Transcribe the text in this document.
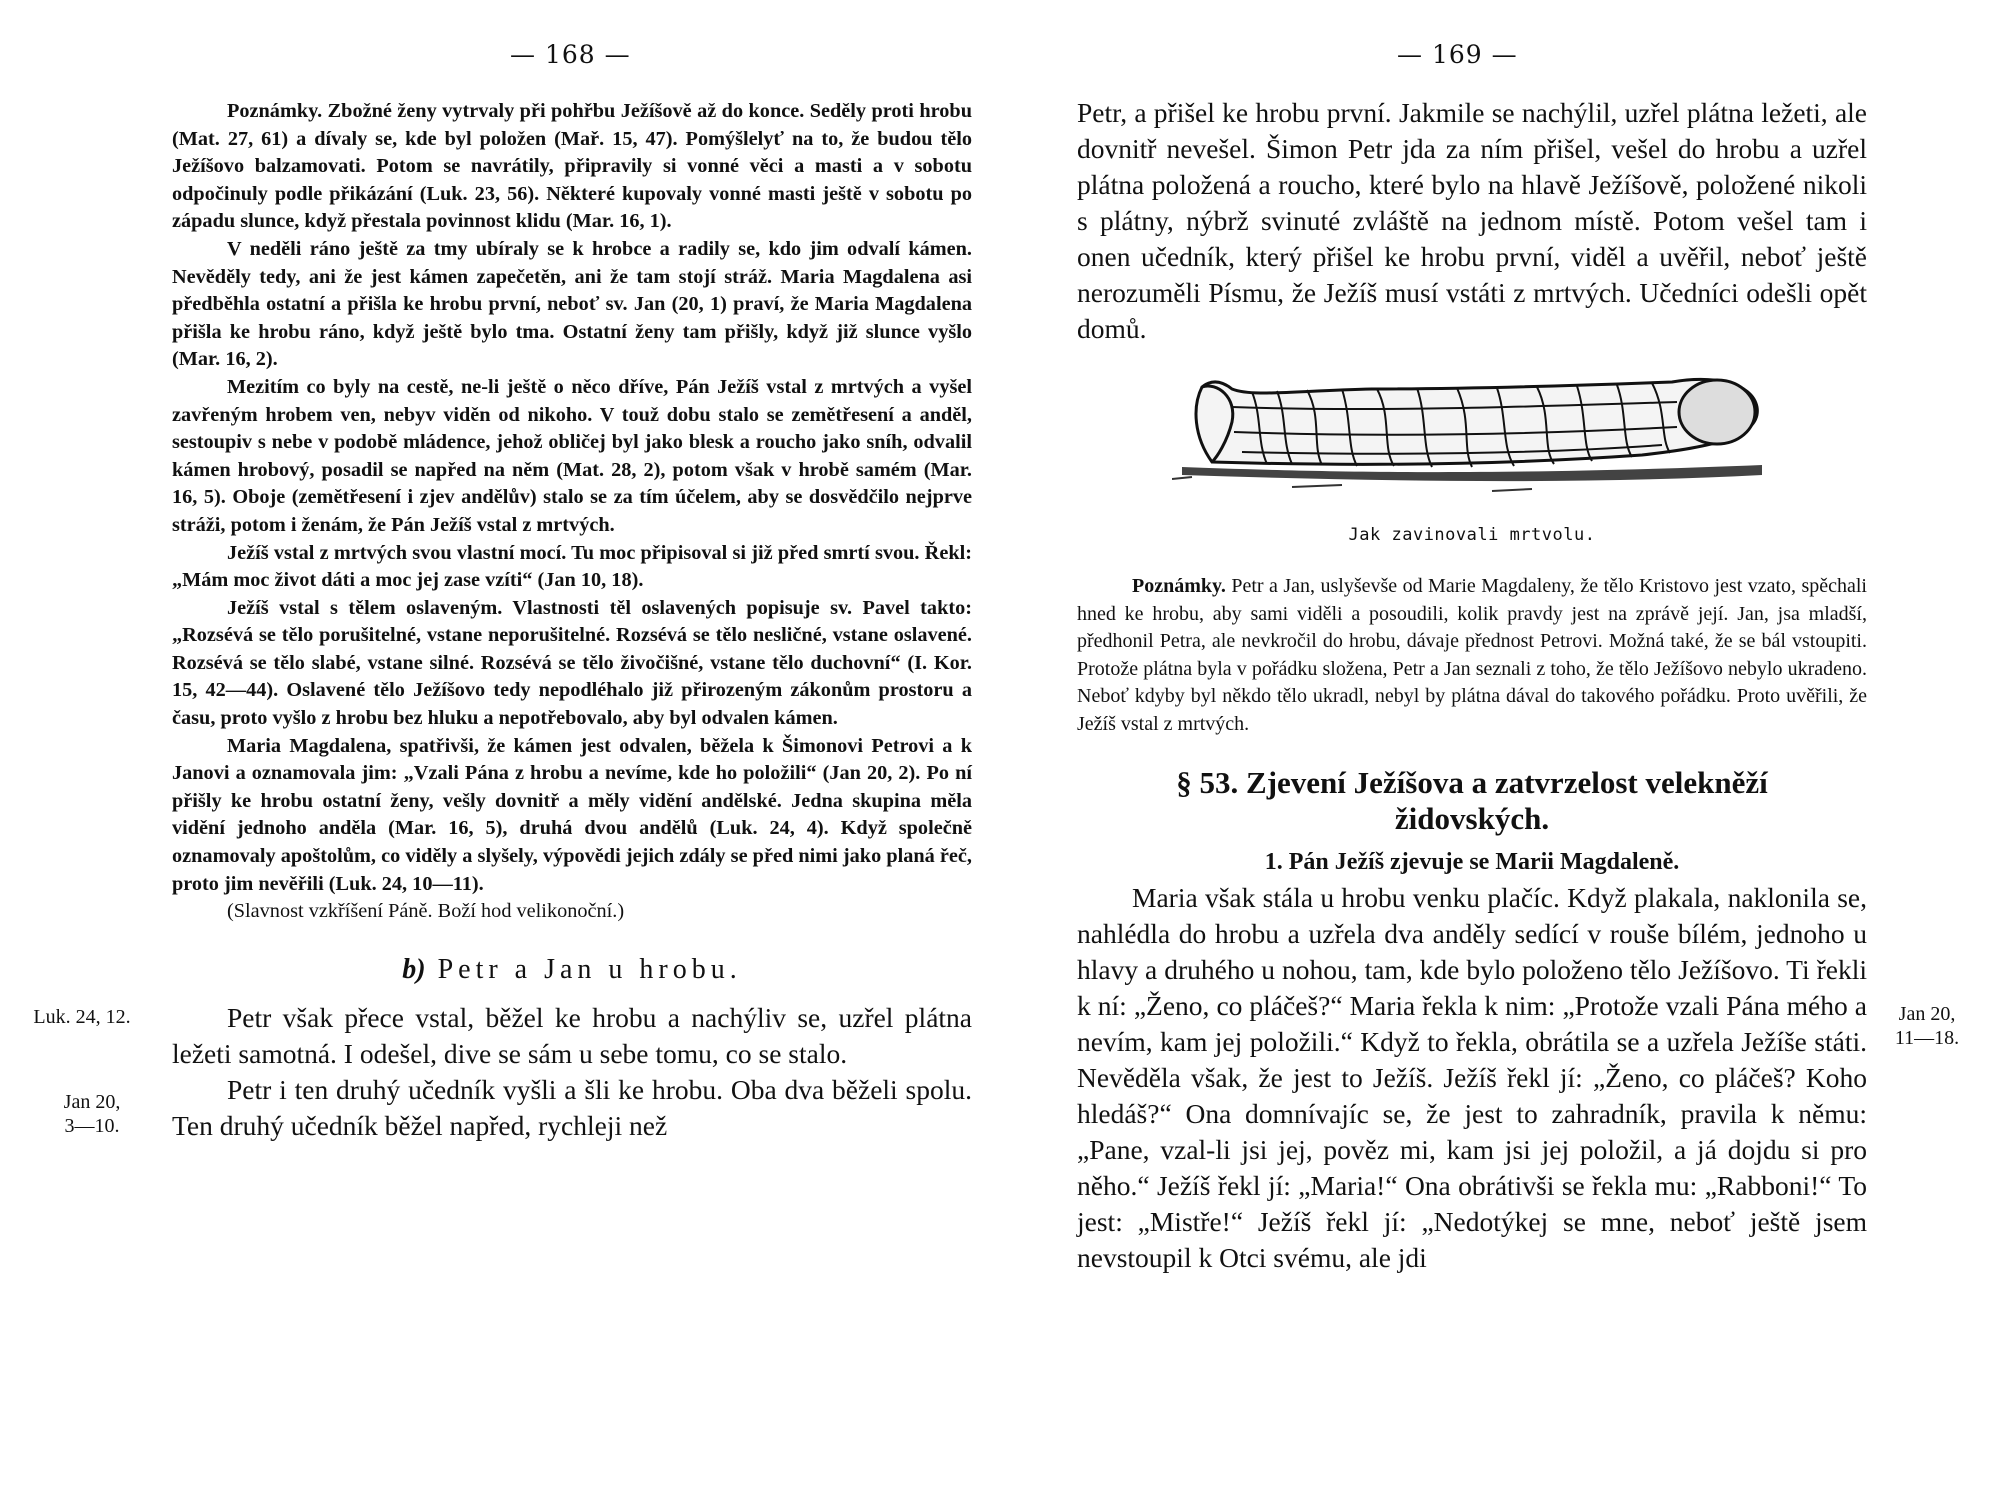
— 168 —

Poznámky. Zbožné ženy vytrvaly při pohřbu Ježíšově až do konce. Seděly proti hrobu (Mat. 27, 61) a dívaly se, kde byl položen (Mař. 15, 47). Pomýšlelyť na to, že budou tělo Ježíšovo balzamovati. Potom se navrátily, připravily si vonné věci a masti a v sobotu odpočinuly podle přikázání (Luk. 23, 56). Některé kupovaly vonné masti ještě v sobotu po západu slunce, když přestala povinnost klidu (Mar. 16, 1).

V neděli ráno ještě za tmy ubíraly se k hrobce a radily se, kdo jim odvalí kámen. Nevěděly tedy, ani že jest kámen zapečetěn, ani že tam stojí stráž. Maria Magdalena asi předběhla ostatní a přišla ke hrobu první, neboť sv. Jan (20, 1) praví, že Maria Magdalena přišla ke hrobu ráno, když ještě bylo tma. Ostatní ženy tam přišly, když již slunce vyšlo (Mar. 16, 2).

Mezitím co byly na cestě, ne-li ještě o něco dříve, Pán Ježíš vstal z mrtvých a vyšel zavřeným hrobem ven, nebyv viděn od nikoho. V touž dobu stalo se zemětřesení a anděl, sestoupiv s nebe v podobě mládence, jehož obličej byl jako blesk a roucho jako sníh, odvalil kámen hrobový, posadil se napřed na něm (Mat. 28, 2), potom však v hrobě samém (Mar. 16, 5). Oboje (zemětřesení i zjev andělův) stalo se za tím účelem, aby se dosvědčilo nejprve stráži, potom i ženám, že Pán Ježíš vstal z mrtvých.

Ježíš vstal z mrtvých svou vlastní mocí. Tu moc připisoval si již před smrtí svou. Řekl: „Mám moc život dáti a moc jej zase vzíti“ (Jan 10, 18).

Ježíš vstal s tělem oslaveným. Vlastnosti těl oslavených popisuje sv. Pavel takto: „Rozsévá se tělo porušitelné, vstane neporušitelné. Rozsévá se tělo nesličné, vstane oslavené. Rozsévá se tělo slabé, vstane silné. Rozsévá se tělo živočišné, vstane tělo duchovní“ (I. Kor. 15, 42—44). Oslavené tělo Ježíšovo tedy nepodléhalo již přirozeným zákonům prostoru a času, proto vyšlo z hrobu bez hluku a nepotřebovalo, aby byl odvalen kámen.

Maria Magdalena, spatřivši, že kámen jest odvalen, běžela k Šimonovi Petrovi a k Janovi a oznamovala jim: „Vzali Pána z hrobu a nevíme, kde ho položili“ (Jan 20, 2). Po ní přišly ke hrobu ostatní ženy, vešly dovnitř a měly vidění andělské. Jedna skupina měla vidění jednoho anděla (Mar. 16, 5), druhá dvou andělů (Luk. 24, 4). Když společně oznamovaly apoštolům, co viděly a slyšely, výpovědi jejich zdály se před nimi jako planá řeč, proto jim nevěřili (Luk. 24, 10—11).

(Slavnost vzkříšení Páně. Boží hod velikonoční.)

b) Petr a Jan u hrobu.

Petr však přece vstal, běžel ke hrobu a nachýliv se, uzřel plátna ležeti samotná. I odešel, dive se sám u sebe tomu, co se stalo.

Petr i ten druhý učedník vyšli a šli ke hrobu. Oba dva běželi spolu. Ten druhý učedník běžel napřed, rychleji než

Luk. 24, 12.
Jan 20,
3—10.
— 169 —

Petr, a přišel ke hrobu první. Jakmile se nachýlil, uzřel plátna ležeti, ale dovnitř nevešel. Šimon Petr jda za ním přišel, vešel do hrobu a uzřel plátna položená a roucho, které bylo na hlavě Ježíšově, položené nikoli s plátny, nýbrž svinuté zvláště na jednom místě. Potom vešel tam i onen učedník, který přišel ke hrobu první, viděl a uvěřil, neboť ještě nerozuměli Písmu, že Ježíš musí vstáti z mrtvých. Učedníci odešli opět domů.

Jak zavinovali mrtvolu.

Poznámky. Petr a Jan, uslyševše od Marie Magdaleny, že tělo Kristovo jest vzato, spěchali hned ke hrobu, aby sami viděli a posoudili, kolik pravdy jest na zprávě její. Jan, jsa mladší, předhonil Petra, ale nevkročil do hrobu, dávaje přednost Petrovi. Možná také, že se bál vstoupiti. Protože plátna byla v pořádku složena, Petr a Jan seznali z toho, že tělo Ježíšovo nebylo ukradeno. Neboť kdyby byl někdo tělo ukradl, nebyl by plátna dával do takového pořádku. Proto uvěřili, že Ježíš vstal z mrtvých.

§ 53. Zjevení Ježíšova a zatvrzelost velekněží
židovských.
1. Pán Ježíš zjevuje se Marii Magdaleně.

Maria však stála u hrobu venku plačíc. Když plakala, naklonila se, nahlédla do hrobu a uzřela dva anděly sedící v rouše bílém, jednoho u hlavy a druhého u nohou, tam, kde bylo položeno tělo Ježíšovo. Ti řekli k ní: „Ženo, co pláčeš?“ Maria řekla k nim: „Protože vzali Pána mého a nevím, kam jej položili.“ Když to řekla, obrátila se a uzřela Ježíše státi. Nevěděla však, že jest to Ježíš. Ježíš řekl jí: „Ženo, co pláčeš? Koho hledáš?“ Ona domnívajíc se, že jest to zahradník, pravila k němu: „Pane, vzal-li jsi jej, pověz mi, kam jsi jej položil, a já dojdu si pro něho.“ Ježíš řekl jí: „Maria!“ Ona obrátivši se řekla mu: „Rabboni!“ To jest: „Mistře!“ Ježíš řekl jí: „Nedotýkej se mne, neboť ještě jsem nevstoupil k Otci svému, ale jdi

Jan 20,
11—18.
